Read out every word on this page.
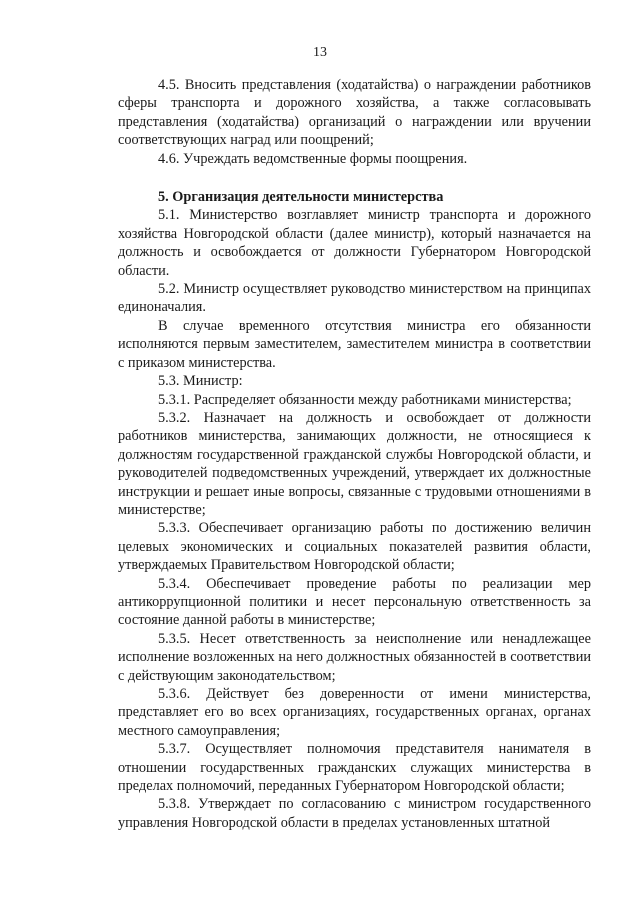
13

4.5. Вносить представления (ходатайства) о награждении работников сферы транспорта и дорожного хозяйства, а также согласовывать представления (ходатайства) организаций о награждении или вручении соответствующих наград или поощрений;

4.6. Учреждать ведомственные формы поощрения.

5. Организация деятельности министерства

5.1. Министерство возглавляет министр транспорта и дорожного хозяйства Новгородской области (далее министр), который назначается на должность и освобождается от должности Губернатором Новгородской области.

5.2. Министр осуществляет руководство министерством на принципах единоначалия.

В случае временного отсутствия министра его обязанности исполняются первым заместителем, заместителем министра в соответствии с приказом министерства.

5.3. Министр:

5.3.1. Распределяет обязанности между работниками министерства;

5.3.2. Назначает на должность и освобождает от должности работников министерства, занимающих должности, не относящиеся к должностям государственной гражданской службы Новгородской области, и руководителей подведомственных учреждений, утверждает их должностные инструкции и решает иные вопросы, связанные с трудовыми отношениями в министерстве;

5.3.3. Обеспечивает организацию работы по достижению величин целевых экономических и социальных показателей развития области, утверждаемых Правительством Новгородской области;

5.3.4. Обеспечивает проведение работы по реализации мер антикоррупционной политики и несет персональную ответственность за состояние данной работы в министерстве;

5.3.5. Несет ответственность за неисполнение или ненадлежащее исполнение возложенных на него должностных обязанностей в соответствии с действующим законодательством;

5.3.6. Действует без доверенности от имени министерства, представляет его во всех организациях, государственных органах, органах местного самоуправления;

5.3.7. Осуществляет полномочия представителя нанимателя в отношении государственных гражданских служащих министерства в пределах полномочий, переданных Губернатором Новгородской области;

5.3.8. Утверждает по согласованию с министром государственного управления Новгородской области в пределах установленных штатной
